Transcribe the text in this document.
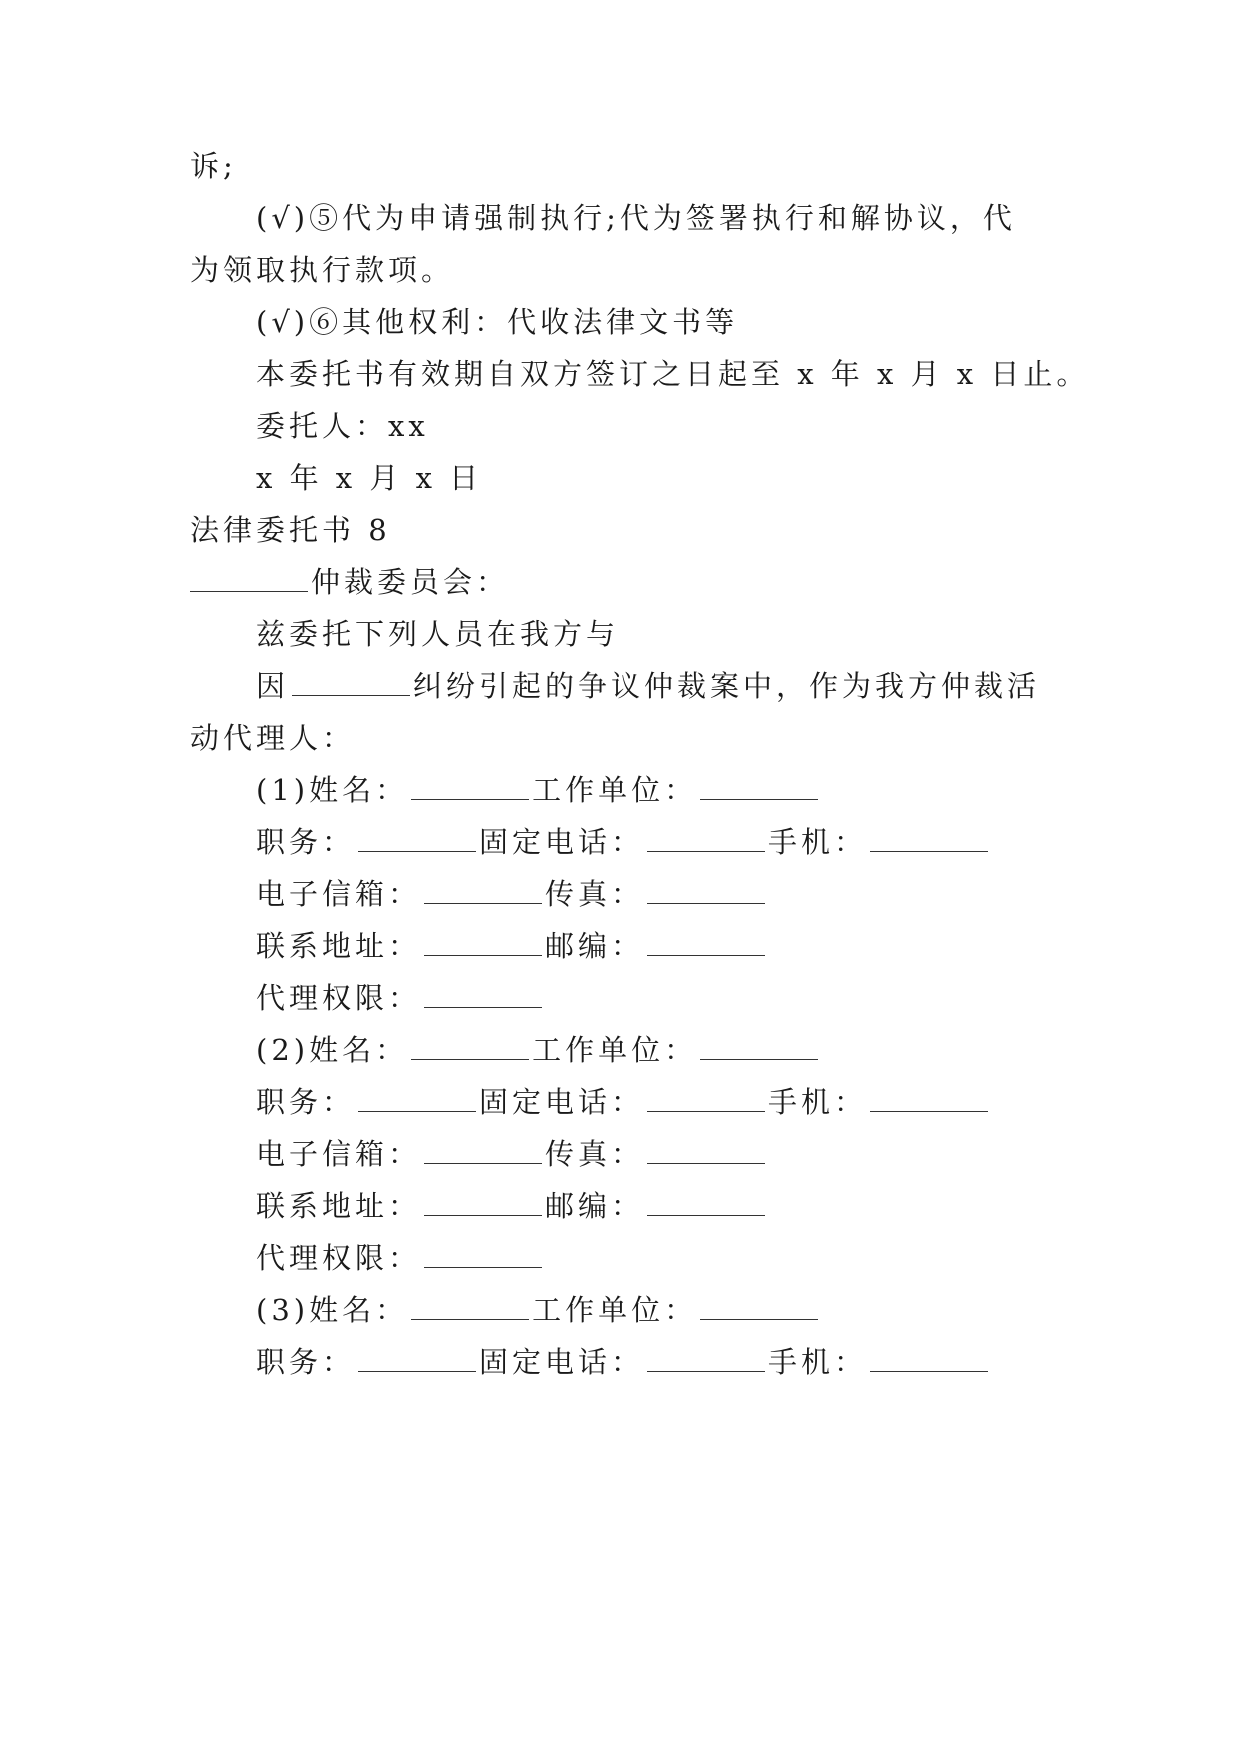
诉;
(√)⑤代为申请强制执行;代为签署执行和解协议，代
为领取执行款项。
(√)⑥其他权利：代收法律文书等
本委托书有效期自双方签订之日起至 x 年 x 月 x 日止。
委托人：xx
x 年 x 月 x 日
法律委托书 8
仲裁委员会：
兹委托下列人员在我方与
因	纠纷引起的争议仲裁案中，作为我方仲裁活
动代理人：
(1)姓名：	工作单位：
职务：	固定电话：	手机：
电子信箱：	传真：
联系地址：	邮编：
代理权限：
(2)姓名：	工作单位：
职务：	固定电话：	手机：
电子信箱：	传真：
联系地址：	邮编：
代理权限：
(3)姓名：	工作单位：
职务：	固定电话：	手机：
